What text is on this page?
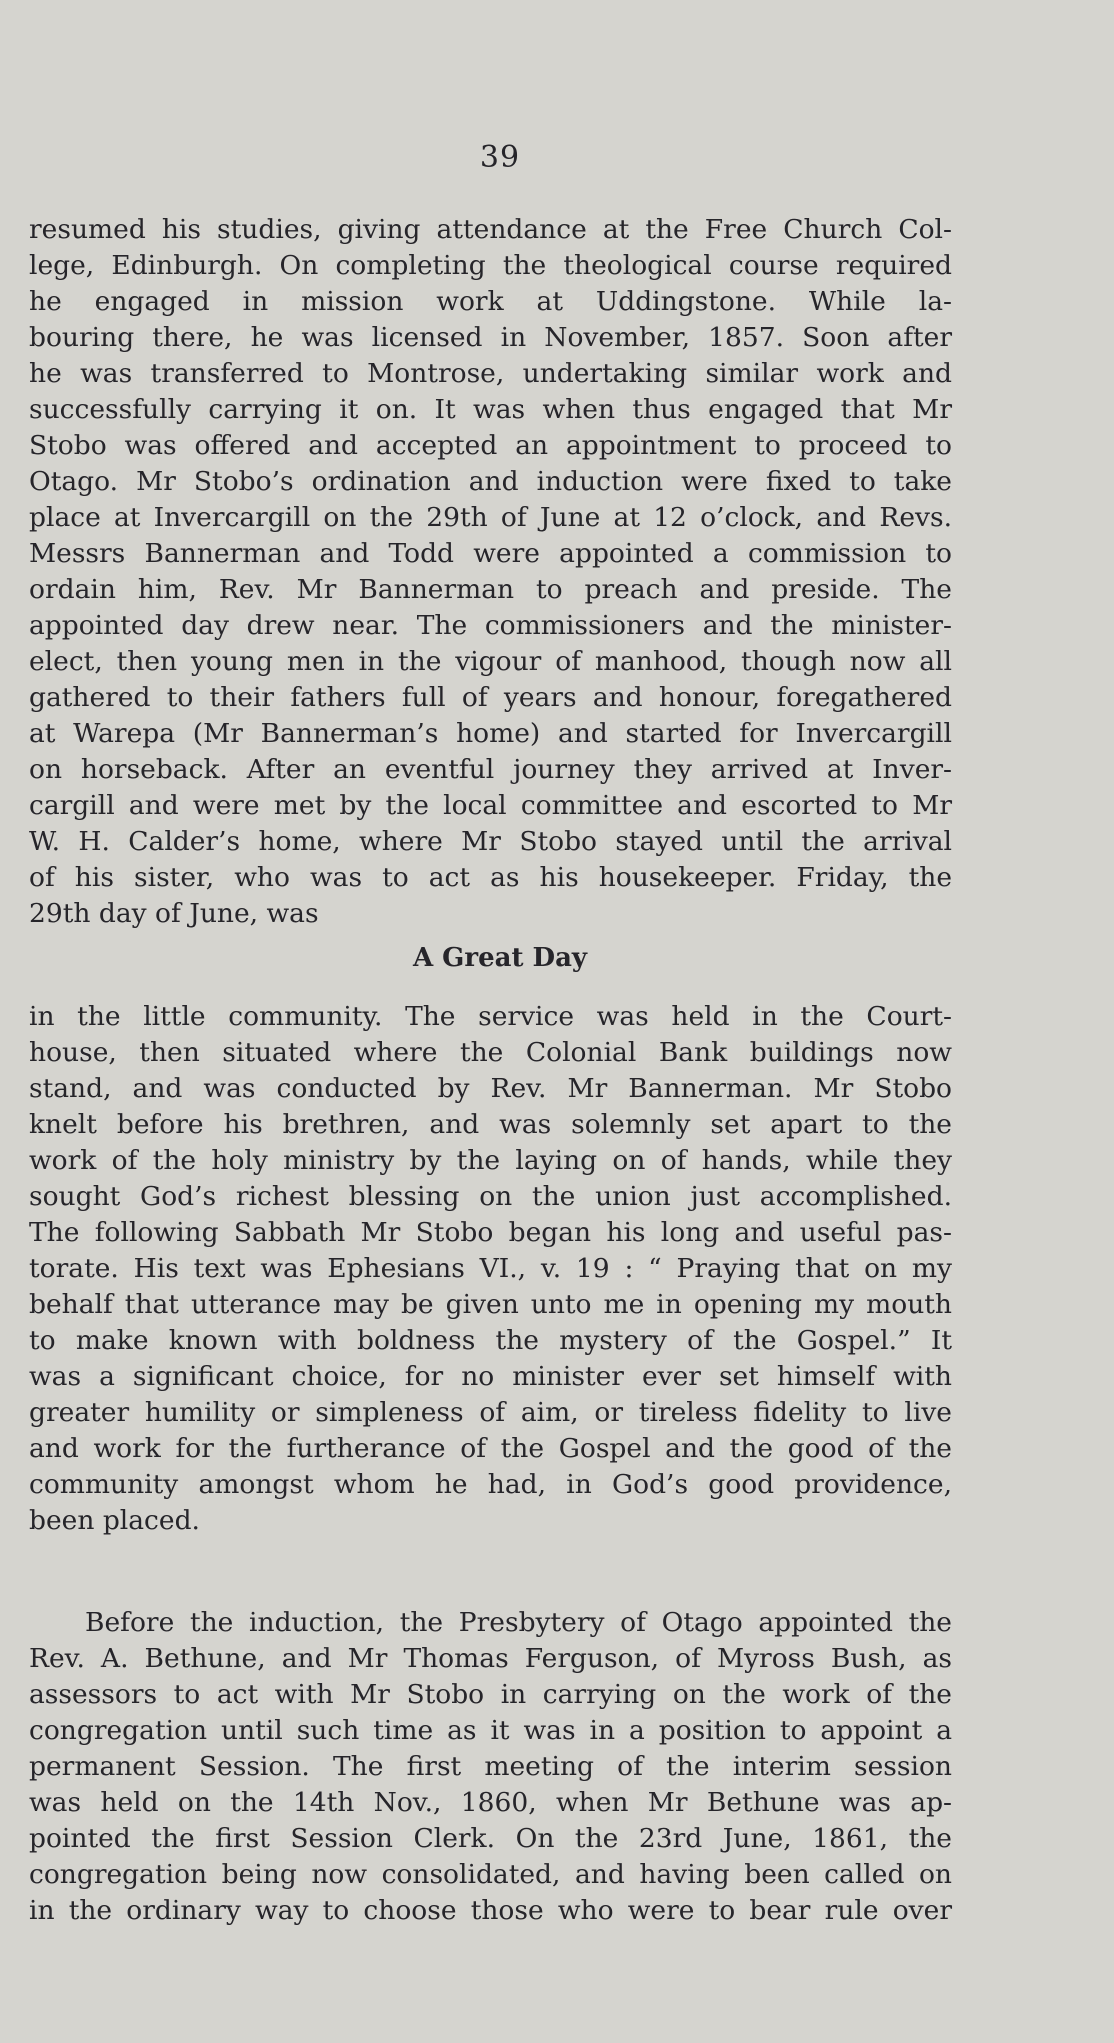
39
resumed his studies, giving attendance at the Free Church Col-
lege, Edinburgh. On completing the theological course required
he engaged in mission work at Uddingstone. While la-
bouring there, he was licensed in November, 1857. Soon after
he was transferred to Montrose, undertaking similar work and
successfully carrying it on. It was when thus engaged that Mr
Stobo was offered and accepted an appointment to proceed to
Otago. Mr Stobo’s ordination and induction were fixed to take
place at Invercargill on the 29th of June at 12 o’clock, and Revs.
Messrs Bannerman and Todd were appointed a commission to
ordain him, Rev. Mr Bannerman to preach and preside. The
appointed day drew near. The commissioners and the minister-
elect, then young men in the vigour of manhood, though now all
gathered to their fathers full of years and honour, foregathered
at Warepa (Mr Bannerman’s home) and started for Invercargill
on horseback. After an eventful journey they arrived at Inver-
cargill and were met by the local committee and escorted to Mr
W. H. Calder’s home, where Mr Stobo stayed until the arrival
of his sister, who was to act as his housekeeper. Friday, the
29th day of June, was
A Great Day
in the little community. The service was held in the Court-
house, then situated where the Colonial Bank buildings now
stand, and was conducted by Rev. Mr Bannerman. Mr Stobo
knelt before his brethren, and was solemnly set apart to the
work of the holy ministry by the laying on of hands, while they
sought God’s richest blessing on the union just accomplished.
The following Sabbath Mr Stobo began his long and useful pas-
torate. His text was Ephesians VI., v. 19 : “ Praying that on my
behalf that utterance may be given unto me in opening my mouth
to make known with boldness the mystery of the Gospel.” It
was a significant choice, for no minister ever set himself with
greater humility or simpleness of aim, or tireless fidelity to live
and work for the furtherance of the Gospel and the good of the
community amongst whom he had, in God’s good providence,
been placed.
Before the induction, the Presbytery of Otago appointed the
Rev. A. Bethune, and Mr Thomas Ferguson, of Myross Bush, as
assessors to act with Mr Stobo in carrying on the work of the
congregation until such time as it was in a position to appoint a
permanent Session. The first meeting of the interim session
was held on the 14th Nov., 1860, when Mr Bethune was ap-
pointed the first Session Clerk. On the 23rd June, 1861, the
congregation being now consolidated, and having been called on
in the ordinary way to choose those who were to bear rule over
